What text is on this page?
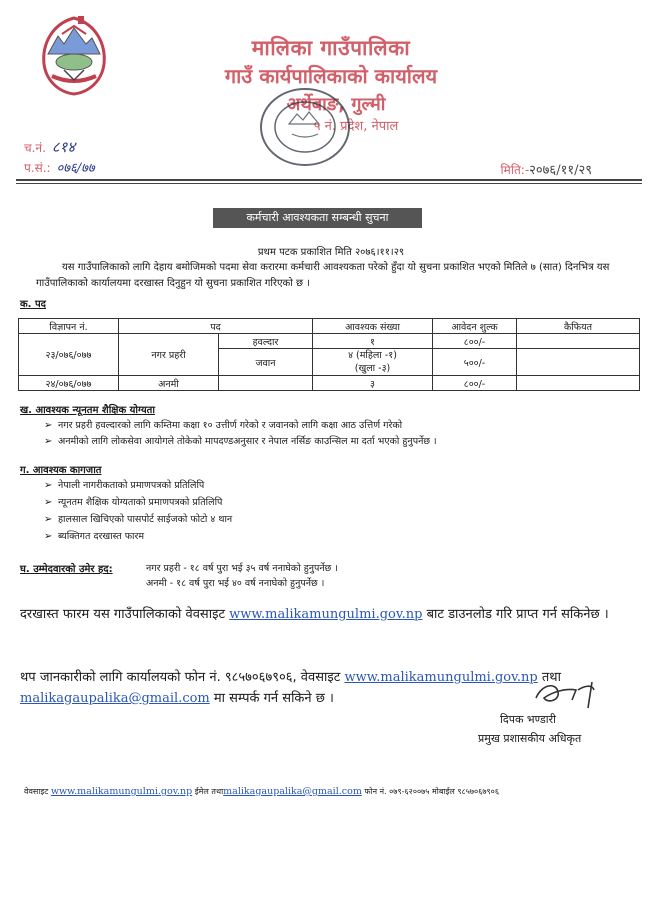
मालिका गाउँपालिका
गाउँ कार्यपालिकाको कार्यालय
अर्थेबाङ, गुल्मी
५ नं. प्रदेश, नेपाल
च.नं. ८१४
प.सं.: ०७६/७७	मिति:-२०७६/११/२९
कर्मचारी आवश्यकता सम्बन्धी सुचना
प्रथम पटक प्रकाशित मिति २०७६।११।२९
यस गाउँपालिकाको लागि देहाय बमोजिमको पदमा सेवा करारमा कर्मचारी आवश्यकता परेको हुँदा यो सुचना प्रकाशित भएको मितिले ७ (सात) दिनभित्र यस गाउँपालिकाको कार्यालयमा दरखास्त दिनुहुन यो सुचना प्रकाशित गरिएको छ ।
क. पद
विज्ञापन नं.	पद		आवश्यक संख्या	आवेदन शुल्क	कैफियत
२३/०७६/०७७	नगर प्रहरी	हवल्दार	१	८००/-	
		जवान	४ (महिला -१)
(खुला -३)	५००/-	
२४/०७६/०७७	अनमी		३	८००/-	
ख. आवश्यक न्यूनतम शैक्षिक योग्यता
➢ नगर प्रहरी हवल्दारको लागि कम्तिमा कक्षा १० उत्तीर्ण गरेको र जवानको लागि कक्षा आठ उत्तिर्ण गरेको
➢ अनमीको लागि लोकसेवा आयोगले तोकेको मापदण्डअनुसार र नेपाल नर्सिङ काउन्सिल मा दर्ता भएको हुनुपर्नेछ ।
ग. आवश्यक कागजात
➢ नेपाली नागरीकताको प्रमाणपत्रको प्रतिलिपि
➢ न्यूनतम शैक्षिक योग्यताको प्रमाणपत्रको प्रतिलिपि
➢ हालसाल खिचिएको पासपोर्ट साईजको फोटो ४ थान
➢ ब्यक्तिगत दरखास्त फारम
घ. उम्मेदवारको उमेर हद:	नगर प्रहरी - १८ वर्ष पुरा भई ३५ वर्ष ननाघेको हुनुपर्नेछ ।
अनमी - १८ वर्ष पुरा भई ४० वर्ष ननाघेको हुनुपर्नेछ ।
दरखास्त फारम यस गाउँपालिकाको वेवसाइट www.malikamungulmi.gov.np बाट डाउनलोड गरि प्राप्त गर्न सकिनेछ ।
थप जानकारीको लागि कार्यालयको फोन नं. ९८५७०६७९०६, वेवसाइट www.malikamungulmi.gov.np तथा malikagaupalika@gmail.com मा सम्पर्क गर्न सकिने छ ।
दिपक भण्डारी
प्रमुख प्रशासकीय अधिकृत
वेवसाइट www.malikamungulmi.gov.np ईमेल तथाmalikagaupalika@gmail.com फोन नं. ०७९-६२००७५ मोबाईल ९८५७०६७९०६
